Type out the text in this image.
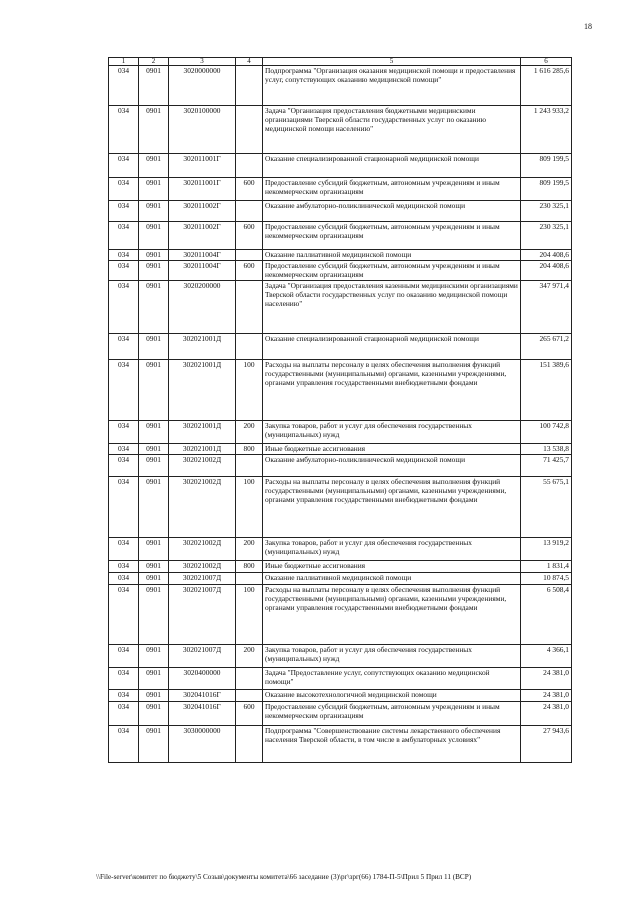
18
1	2	3	4	5	6
034	0901	3020000000		Подпрограмма "Организация оказания медицинской помощи и предоставления услуг, сопутствующих оказанию медицинской помощи"	1 616 285,6
034	0901	3020100000		Задача "Организация предоставления бюджетными медицинскими организациями Тверской области государственных услуг по оказанию медицинской помощи населению"	1 243 933,2
034	0901	302011001Г		Оказание специализированной стационарной медицинской помощи	809 199,5
034	0901	302011001Г	600	Предоставление субсидий бюджетным, автономным учреждениям и иным некоммерческим организациям	809 199,5
034	0901	302011002Г		Оказание амбулаторно-поликлинической медицинской помощи	230 325,1
034	0901	302011002Г	600	Предоставление субсидий бюджетным, автономным учреждениям и иным некоммерческим организациям	230 325,1
034	0901	302011004Г		Оказание паллиативной медицинской помощи	204 408,6
034	0901	302011004Г	600	Предоставление субсидий бюджетным, автономным учреждениям и иным некоммерческим организациям	204 408,6
034	0901	3020200000		Задача "Организация предоставления казенными медицинскими организациями Тверской области государственных услуг по оказанию медицинской помощи населению"	347 971,4
034	0901	302021001Д		Оказание специализированной стационарной медицинской помощи	265 671,2
034	0901	302021001Д	100	Расходы на выплаты персоналу в целях обеспечения выполнения функций государственными (муниципальными) органами, казенными учреждениями, органами управления государственными внебюджетными фондами	151 389,6
034	0901	302021001Д	200	Закупка товаров, работ и услуг для обеспечения государственных (муниципальных) нужд	100 742,8
034	0901	302021001Д	800	Иные бюджетные ассигнования	13 538,8
034	0901	302021002Д		Оказание амбулаторно-поликлинической медицинской помощи	71 425,7
034	0901	302021002Д	100	Расходы на выплаты персоналу в целях обеспечения выполнения функций государственными (муниципальными) органами, казенными учреждениями, органами управления государственными внебюджетными фондами	55 675,1
034	0901	302021002Д	200	Закупка товаров, работ и услуг для обеспечения государственных (муниципальных) нужд	13 919,2
034	0901	302021002Д	800	Иные бюджетные ассигнования	1 831,4
034	0901	302021007Д		Оказание паллиативной медицинской помощи	10 874,5
034	0901	302021007Д	100	Расходы на выплаты персоналу в целях обеспечения выполнения функций государственными (муниципальными) органами, казенными учреждениями, органами управления государственными внебюджетными фондами	6 508,4
034	0901	302021007Д	200	Закупка товаров, работ и услуг для обеспечения государственных (муниципальных) нужд	4 366,1
034	0901	3020400000		Задача "Предоставление услуг, сопутствующих оказанию медицинской помощи"	24 381,0
034	0901	302041016Г		Оказание высокотехнологичной медицинской помощи	24 381,0
034	0901	302041016Г	600	Предоставление субсидий бюджетным, автономным учреждениям и иным некоммерческим организациям	24 381,0
034	0901	3030000000		Подпрограмма "Совершенствование системы лекарственного обеспечения населения Тверской области, в том числе в амбулаторных условиях"	27 943,6
\\File-server\комитет по бюджету\5 Созыв\документы комитета\66 заседание (3)\рг\зрг(66) 1784-П-5\Прил 5 Прил 11 (ВСР)
